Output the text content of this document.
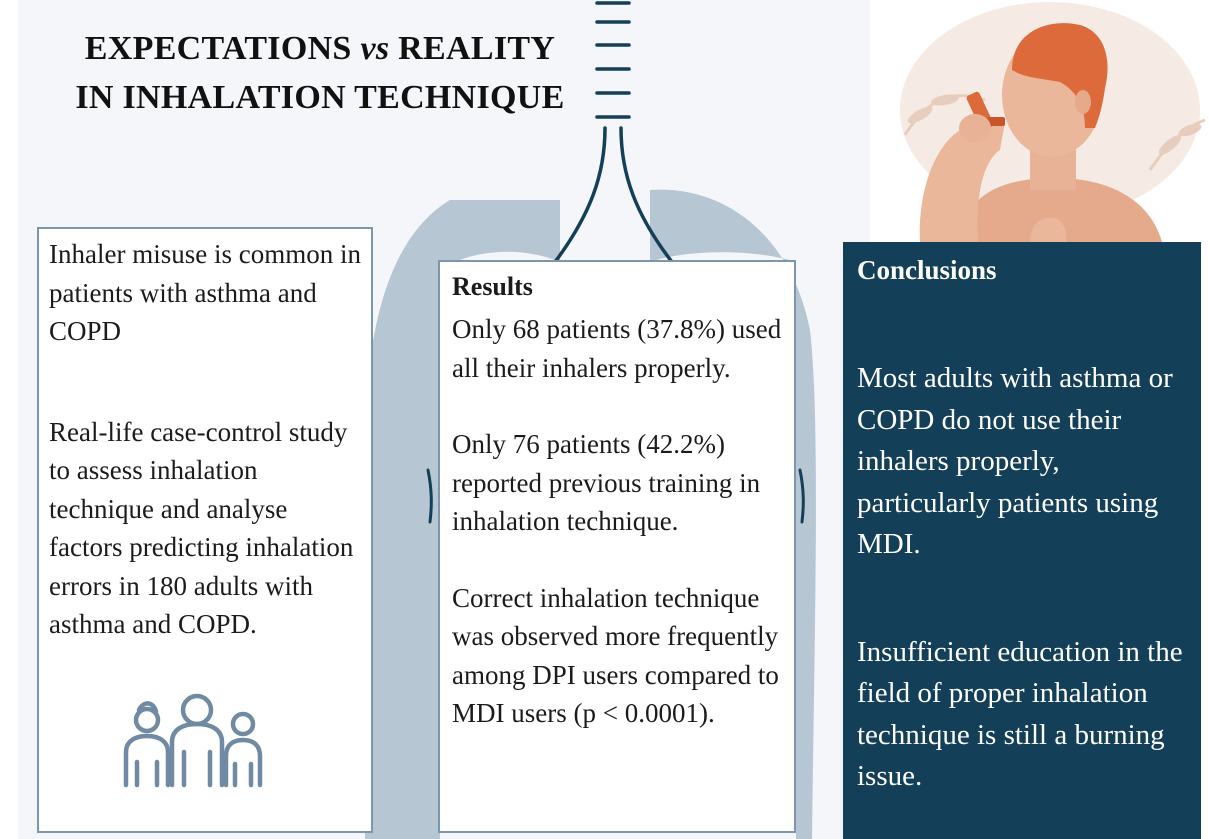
EXPECTATIONS vs REALITY
IN INHALATION TECHNIQUE

Inhaler misuse is common in patients with asthma and COPD

Real-life case-control study to assess inhalation technique and analyse factors predicting inhalation errors in 180 adults with asthma and COPD.

Results

Only 68 patients (37.8%) used all their inhalers properly.

Only 76 patients (42.2%) reported previous training in inhalation technique.

Correct inhalation technique was observed more frequently among DPI users compared to MDI users (p < 0.0001).

Conclusions

Most adults with asthma or COPD do not use their inhalers properly, particularly patients using MDI.

Insufficient education in the field of proper inhalation technique is still a burning issue.
